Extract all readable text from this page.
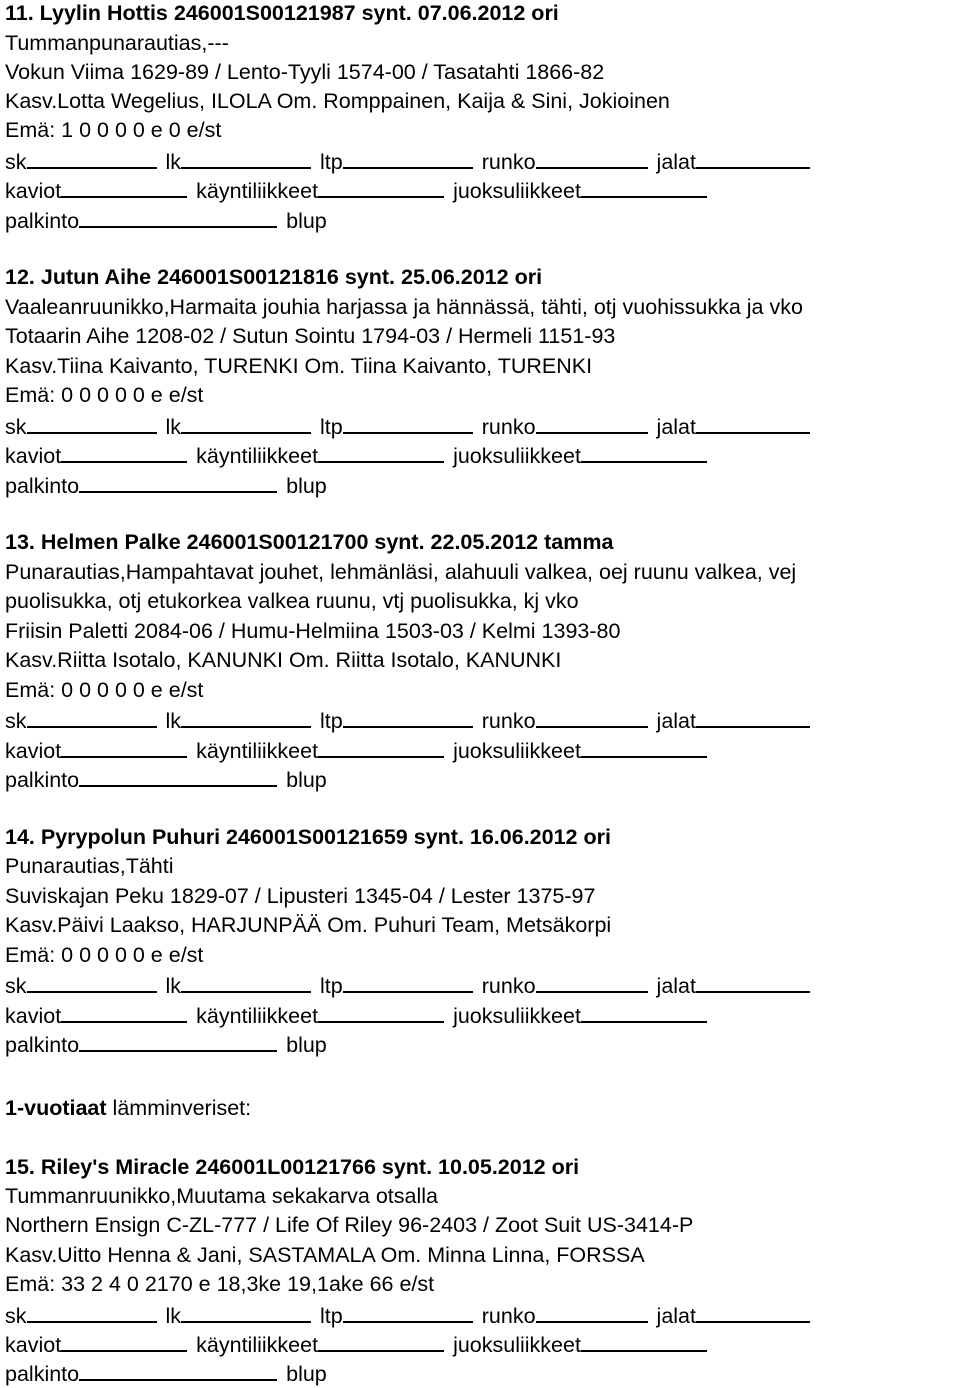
11. Lyylin Hottis 246001S00121987 synt. 07.06.2012 ori
Tummanpunarautias,---
Vokun Viima 1629-89 / Lento-Tyyli 1574-00 / Tasatahti 1866-82
Kasv.Lotta Wegelius, ILOLA Om. Romppainen, Kaija & Sini, Jokioinen
Emä: 1 0 0 0 0 e 0 e/st
sk	lk	ltp	runko	jalat
kaviot	käyntiliikkeet	juoksuliikkeet
palkinto	blup
12. Jutun Aihe 246001S00121816 synt. 25.06.2012 ori
Vaaleanruunikko,Harmaita jouhia harjassa ja hännässä, tähti, otj vuohissukka ja vko
Totaarin Aihe 1208-02 / Sutun Sointu 1794-03 / Hermeli 1151-93
Kasv.Tiina Kaivanto, TURENKI Om. Tiina Kaivanto, TURENKI
Emä: 0 0 0 0 0 e e/st
sk	lk	ltp	runko	jalat
kaviot	käyntiliikkeet	juoksuliikkeet
palkinto	blup
13. Helmen Palke 246001S00121700 synt. 22.05.2012 tamma
Punarautias,Hampahtavat jouhet, lehmänläsi, alahuuli valkea, oej ruunu valkea, vej
puolisukka, otj etukorkea valkea ruunu, vtj puolisukka, kj vko
Friisin Paletti 2084-06 / Humu-Helmiina 1503-03 / Kelmi 1393-80
Kasv.Riitta Isotalo, KANUNKI Om. Riitta Isotalo, KANUNKI
Emä: 0 0 0 0 0 e e/st
sk	lk	ltp	runko	jalat
kaviot	käyntiliikkeet	juoksuliikkeet
palkinto	blup
14. Pyrypolun Puhuri 246001S00121659 synt. 16.06.2012 ori
Punarautias,Tähti
Suviskajan Peku 1829-07 / Lipusteri 1345-04 / Lester 1375-97
Kasv.Päivi Laakso, HARJUNPÄÄ Om. Puhuri Team, Metsäkorpi
Emä: 0 0 0 0 0 e e/st
sk	lk	ltp	runko	jalat
kaviot	käyntiliikkeet	juoksuliikkeet
palkinto	blup
1-vuotiaat lämminveriset:
15. Riley's Miracle 246001L00121766 synt. 10.05.2012 ori
Tummanruunikko,Muutama sekakarva otsalla
Northern Ensign C-ZL-777 / Life Of Riley 96-2403 / Zoot Suit US-3414-P
Kasv.Uitto Henna & Jani, SASTAMALA Om. Minna Linna, FORSSA
Emä: 33 2 4 0 2170 e 18,3ke 19,1ake 66 e/st
sk	lk	ltp	runko	jalat
kaviot	käyntiliikkeet	juoksuliikkeet
palkinto	blup
